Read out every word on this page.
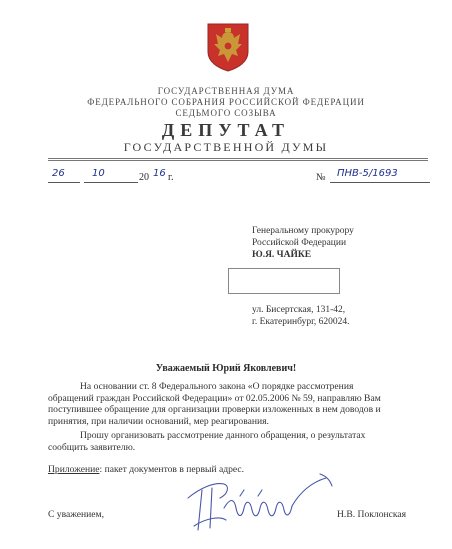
ГОСУДАРСТВЕННАЯ ДУМА
ФЕДЕРАЛЬНОГО СОБРАНИЯ РОССИЙСКОЙ ФЕДЕРАЦИИ
СЕДЬМОГО СОЗЫВА
ДЕПУТАТ
ГОСУДАРСТВЕННОЙ ДУМЫ
26	10	20 16 г.	№ ПНВ-5/1693
Генеральному прокурору
Российской Федерации
Ю.Я. ЧАЙКЕ
ул. Бисертская, 131-42,
г. Екатеринбург, 620024.
Уважаемый Юрий Яковлевич!
На основании ст. 8 Федерального закона «О порядке рассмотрения
обращений граждан Российской Федерации» от 02.05.2006 № 59, направляю Вам
поступившее обращение для организации проверки изложенных в нем доводов и
принятия, при наличии оснований, мер реагирования.
Прошу организовать рассмотрение данного обращения, о результатах
сообщить заявителю.
Приложение: пакет документов в первый адрес.
С уважением,	Н.В. Поклонская
